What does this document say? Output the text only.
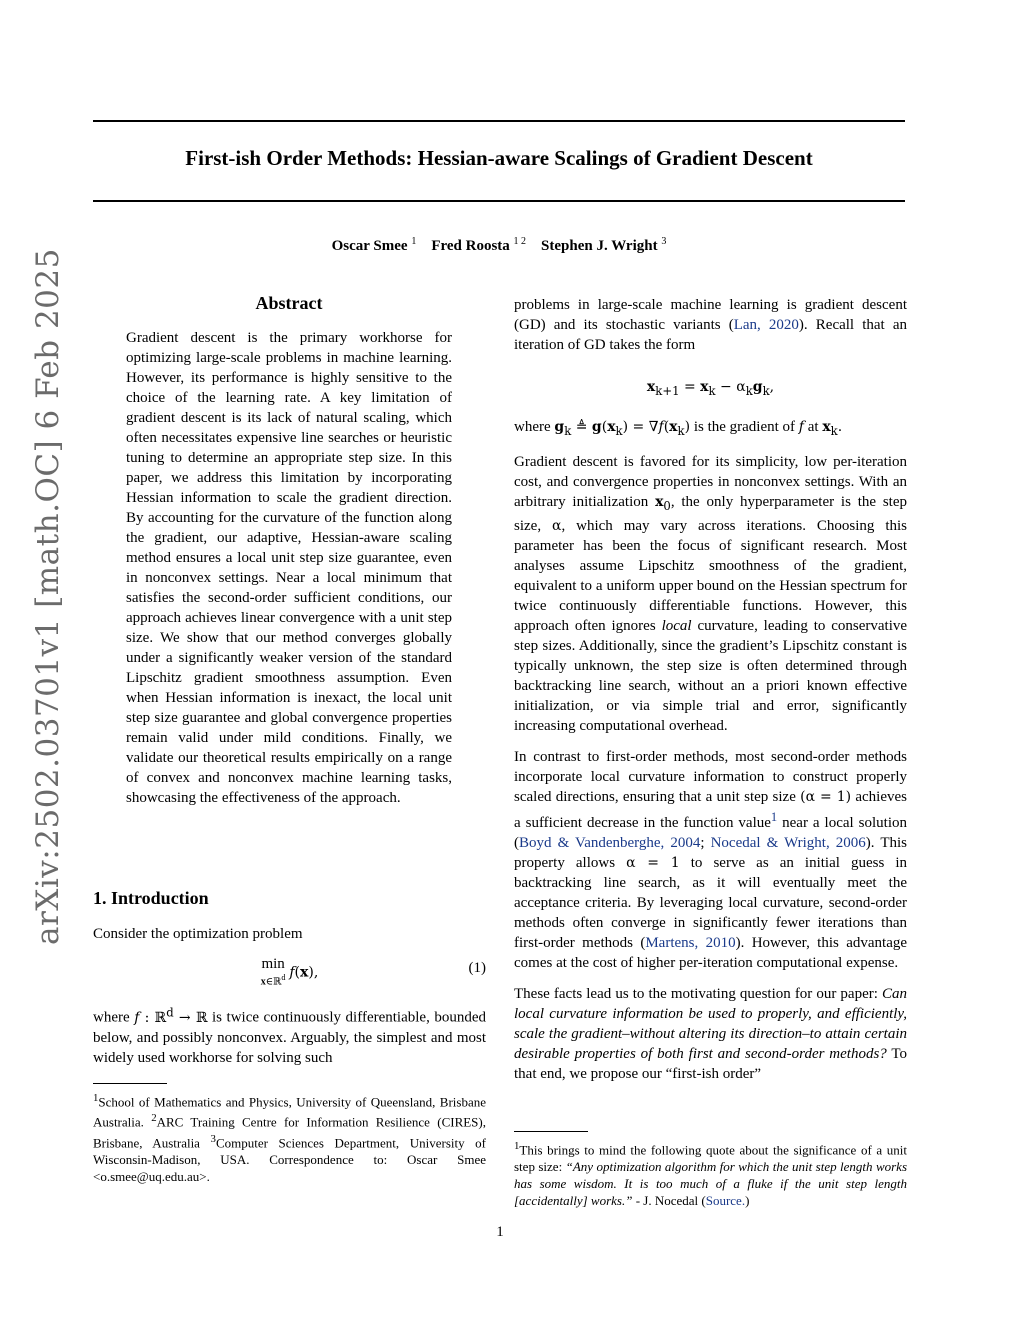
First-ish Order Methods: Hessian-aware Scalings of Gradient Descent
Oscar Smee $^1$ Fred Roosta $^{1 2}$ Stephen J. Wright $^3$
arXiv:2502.03701v1 [math.OC] 6 Feb 2025	Abstract
Gradient descent is the primary workhorse for optimizing large-scale problems in machine learning. However, its performance is highly sensitive to the choice of the learning rate. A key limitation of gradient descent is its lack of natural scaling, which often necessitates expensive line searches or heuristic tuning to determine an appropriate step size. In this paper, we address this limitation by incorporating Hessian information to scale the gradient direction. By accounting for the curvature of the function along the gradient, our adaptive, Hessian-aware scaling method ensures a local unit step size guarantee, even in nonconvex settings. Near a local minimum that satisfies the second-order sufficient conditions, our approach achieves linear convergence with a unit step size. We show that our method converges globally under a significantly weaker version of the standard Lipschitz gradient smoothness assumption. Even when Hessian information is inexact, the local unit step size guarantee and global convergence properties remain valid under mild conditions. Finally, we validate our theoretical results empirically on a range of convex and nonconvex machine learning tasks, showcasing the effectiveness of the approach.
1. Introduction

Consider the optimization problem

min
x∈ℝ$^d$ f(x),	(1)

where f : ℝ$^d$ → ℝ is twice continuously differentiable, bounded below, and possibly nonconvex. Arguably, the simplest and most widely used workhorse for solving such

$^1$School of Mathematics and Physics, University of Queensland, Brisbane Australia. $^2$ARC Training Centre for Information Resilience (CIRES), Brisbane, Australia $^3$Computer Sciences Department, University of Wisconsin-Madison, USA. Correspondence to: Oscar Smee <o.smee@uq.edu.au>.

problems in large-scale machine learning is gradient descent (GD) and its stochastic variants (Lan, 2020). Recall that an iteration of GD takes the form

$x_{k+1} = x_k - \alpha_kg_k$,

where $g_k$ ≜ $g(x_k) = \nabla f(x_k)$ is the gradient of f at $x_k$.

Gradient descent is favored for its simplicity, low per-iteration cost, and convergence properties in nonconvex settings. With an arbitrary initialization $x_0$, the only hyperparameter is the step size, α, which may vary across iterations. Choosing this parameter has been the focus of significant research. Most analyses assume Lipschitz smoothness of the gradient, equivalent to a uniform upper bound on the Hessian spectrum for twice continuously differentiable functions. However, this approach often ignores local curvature, leading to conservative step sizes. Additionally, since the gradient’s Lipschitz constant is typically unknown, the step size is often determined through backtracking line search, without an a priori known effective initialization, or via simple trial and error, significantly increasing computational overhead.

In contrast to first-order methods, most second-order methods incorporate local curvature information to construct properly scaled directions, ensuring that a unit step size (α = 1) achieves a sufficient decrease in the function value$^1$ near a local solution (Boyd & Vandenberghe, 2004; Nocedal & Wright, 2006). This property allows α = 1 to serve as an initial guess in backtracking line search, as it will eventually meet the acceptance criteria. By leveraging local curvature, second-order methods often converge in significantly fewer iterations than first-order methods (Martens, 2010). However, this advantage comes at the cost of higher per-iteration computational expense.

These facts lead us to the motivating question for our paper: Can local curvature information be used to properly, and efficiently, scale the gradient–without altering its direction–to attain certain desirable properties of both first and second-order methods? To that end, we propose our “first-ish order”

$^1$This brings to mind the following quote about the significance of a unit step size: “Any optimization algorithm for which the unit step length works has some wisdom. It is too much of a fluke if the unit step length [accidentally] works.” - J. Nocedal (Source.)
1
